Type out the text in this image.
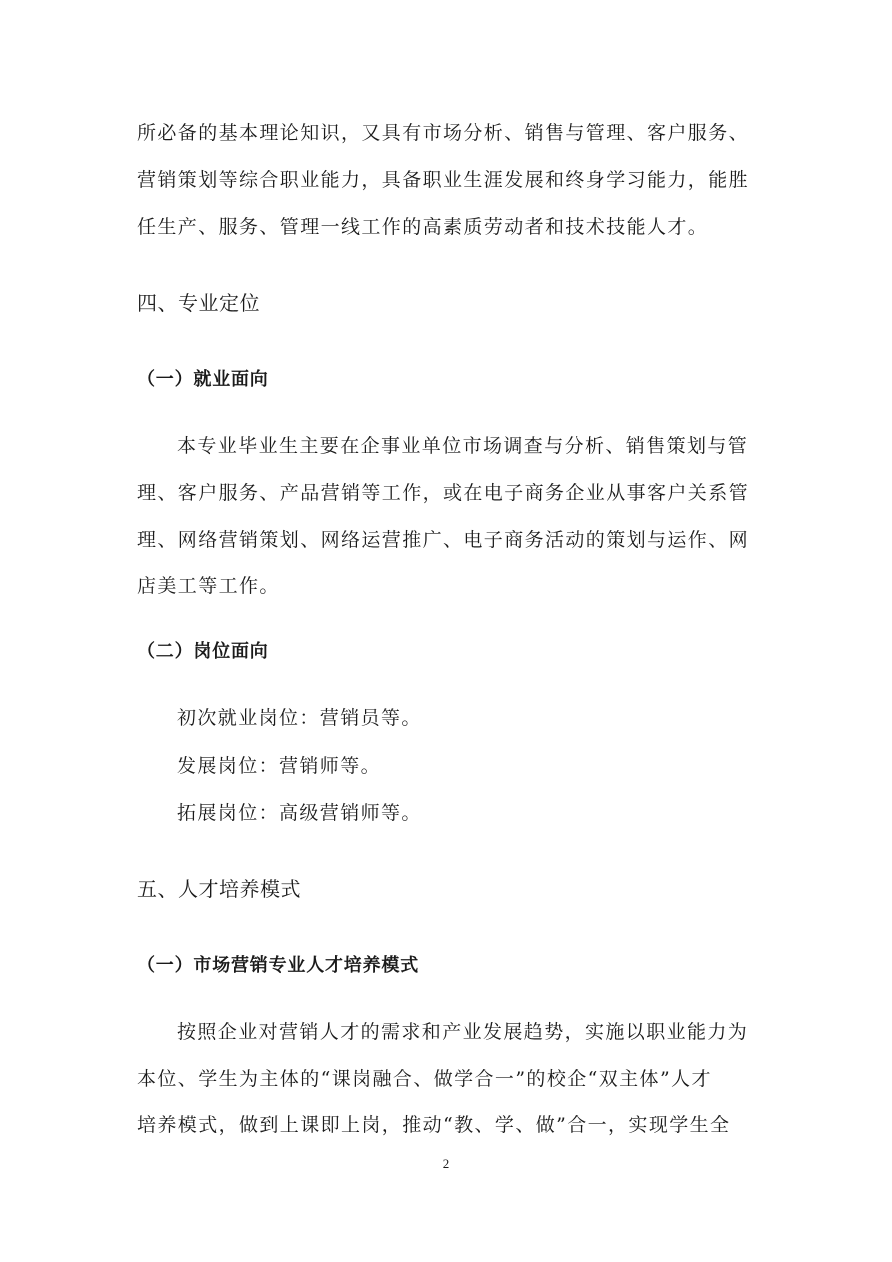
所必备的基本理论知识，又具有市场分析、销售与管理、客户服务、
营销策划等综合职业能力，具备职业生涯发展和终身学习能力，能胜
任生产、服务、管理一线工作的高素质劳动者和技术技能人才。
四、专业定位
（一）就业面向
本专业毕业生主要在企事业单位市场调查与分析、销售策划与管
理、客户服务、产品营销等工作，或在电子商务企业从事客户关系管
理、网络营销策划、网络运营推广、电子商务活动的策划与运作、网
店美工等工作。
（二）岗位面向
初次就业岗位：营销员等。
发展岗位：营销师等。
拓展岗位：高级营销师等。
五、人才培养模式
（一）市场营销专业人才培养模式
按照企业对营销人才的需求和产业发展趋势，实施以职业能力为
本位、学生为主体的“课岗融合、做学合一”的校企“双主体”人才
培养模式，做到上课即上岗，推动“教、学、做”合一，实现学生全
2
